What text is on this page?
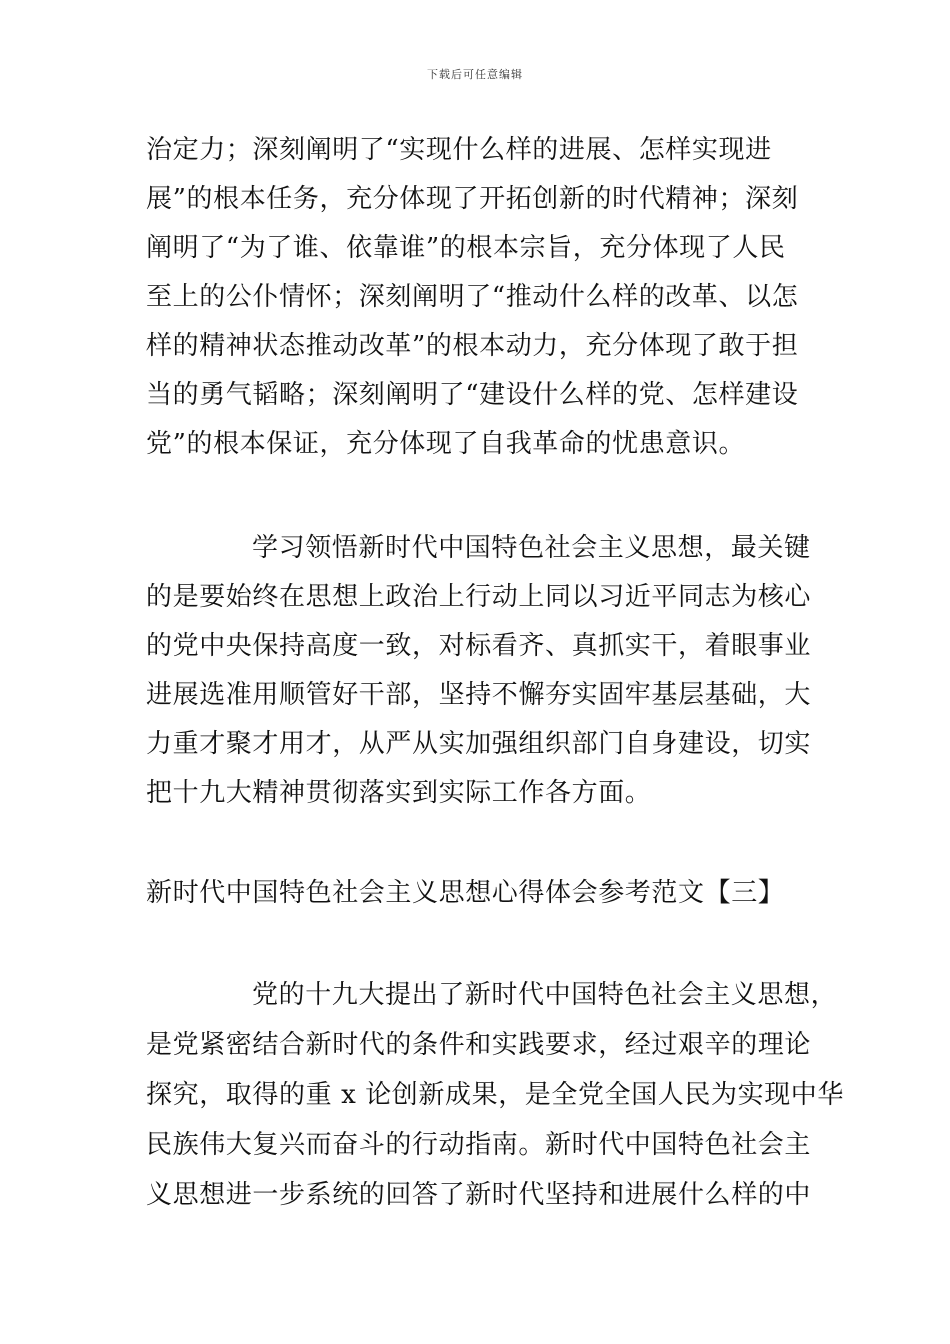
下载后可任意编辑
治定力；深刻阐明了“实现什么样的进展、怎样实现进
展”的根本任务，充分体现了开拓创新的时代精神；深刻
阐明了“为了谁、依靠谁”的根本宗旨，充分体现了人民
至上的公仆情怀；深刻阐明了“推动什么样的改革、以怎
样的精神状态推动改革”的根本动力，充分体现了敢于担
当的勇气韬略；深刻阐明了“建设什么样的党、怎样建设
党”的根本保证，充分体现了自我革命的忧患意识。
学习领悟新时代中国特色社会主义思想，最关键
的是要始终在思想上政治上行动上同以习近平同志为核心
的党中央保持高度一致，对标看齐、真抓实干，着眼事业
进展选准用顺管好干部，坚持不懈夯实固牢基层基础，大
力重才聚才用才，从严从实加强组织部门自身建设，切实
把十九大精神贯彻落实到实际工作各方面。
新时代中国特色社会主义思想心得体会参考范文【三】
党的十九大提出了新时代中国特色社会主义思想，
是党紧密结合新时代的条件和实践要求，经过艰辛的理论
探究，取得的重 x 论创新成果，是全党全国人民为实现中华
民族伟大复兴而奋斗的行动指南。新时代中国特色社会主
义思想进一步系统的回答了新时代坚持和进展什么样的中
